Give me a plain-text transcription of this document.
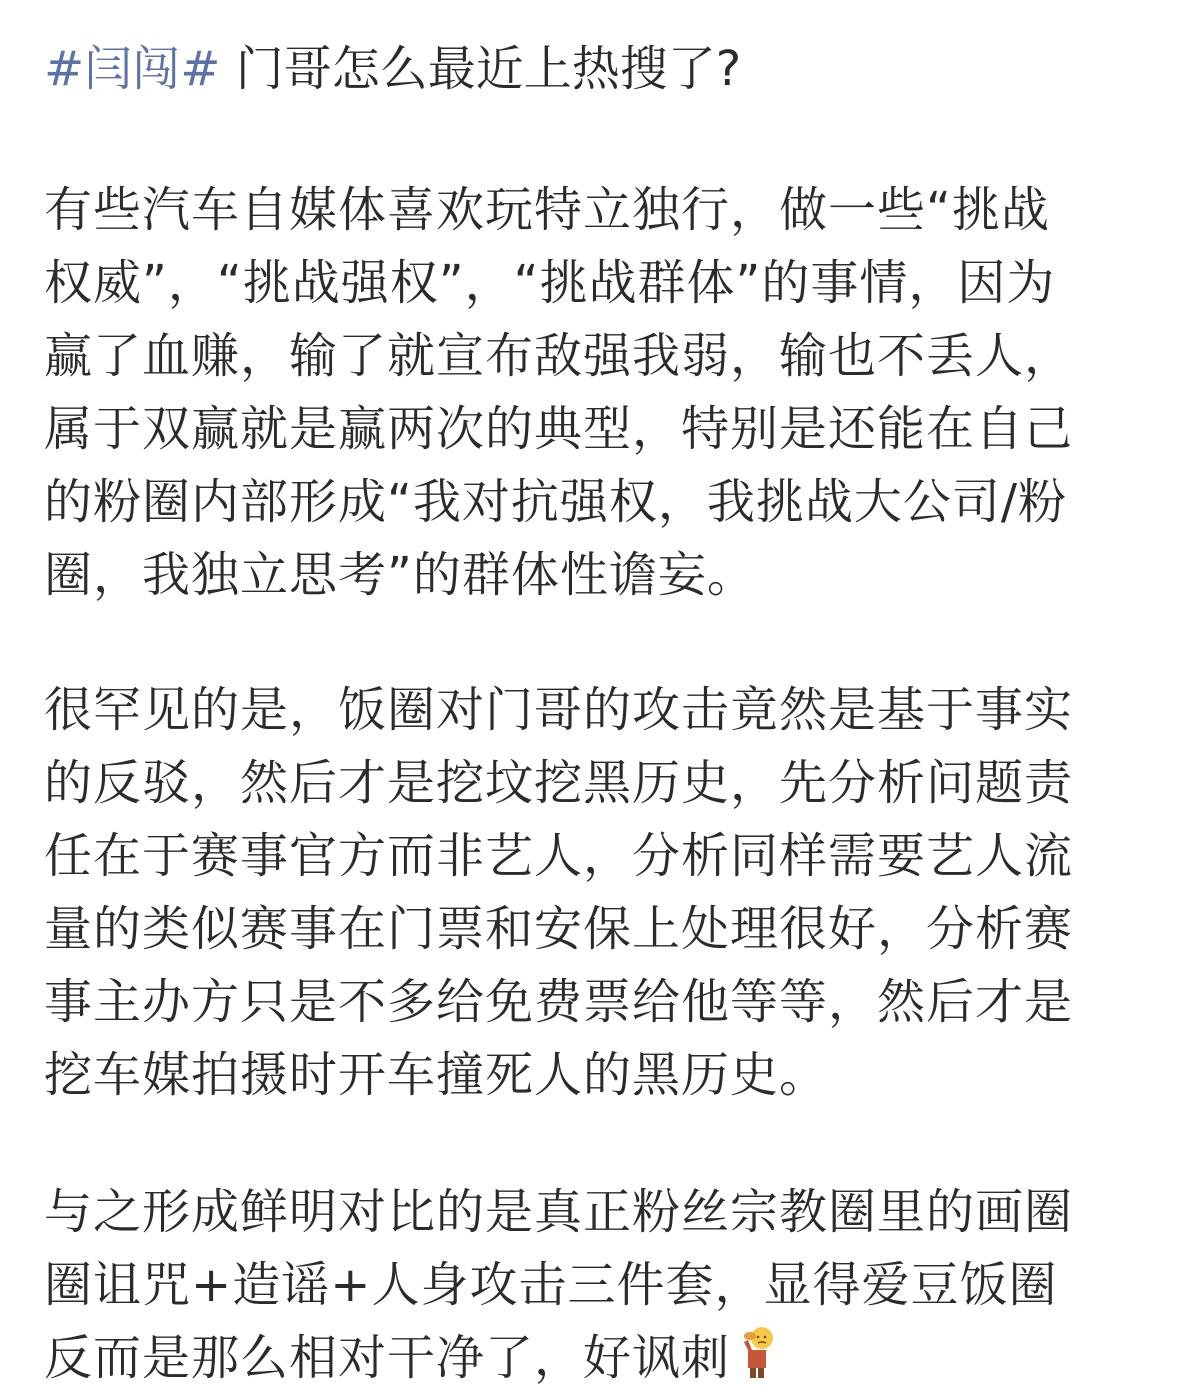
#闫闯# 门哥怎么最近上热搜了?
有些汽车自媒体喜欢玩特立独行，做一些“挑战
权威”，“挑战强权”，“挑战群体”的事情，因为
赢了血赚，输了就宣布敌强我弱，输也不丢人，
属于双赢就是赢两次的典型，特别是还能在自己
的粉圈内部形成“我对抗强权，我挑战大公司/粉
圈，我独立思考”的群体性谵妄。
很罕见的是，饭圈对门哥的攻击竟然是基于事实
的反驳，然后才是挖坟挖黑历史，先分析问题责
任在于赛事官方而非艺人，分析同样需要艺人流
量的类似赛事在门票和安保上处理很好，分析赛
事主办方只是不多给免费票给他等等，然后才是
挖车媒拍摄时开车撞死人的黑历史。
与之形成鲜明对比的是真正粉丝宗教圈里的画圈
圈诅咒+造谣+人身攻击三件套，显得爱豆饭圈
反而是那么相对干净了，好讽刺
